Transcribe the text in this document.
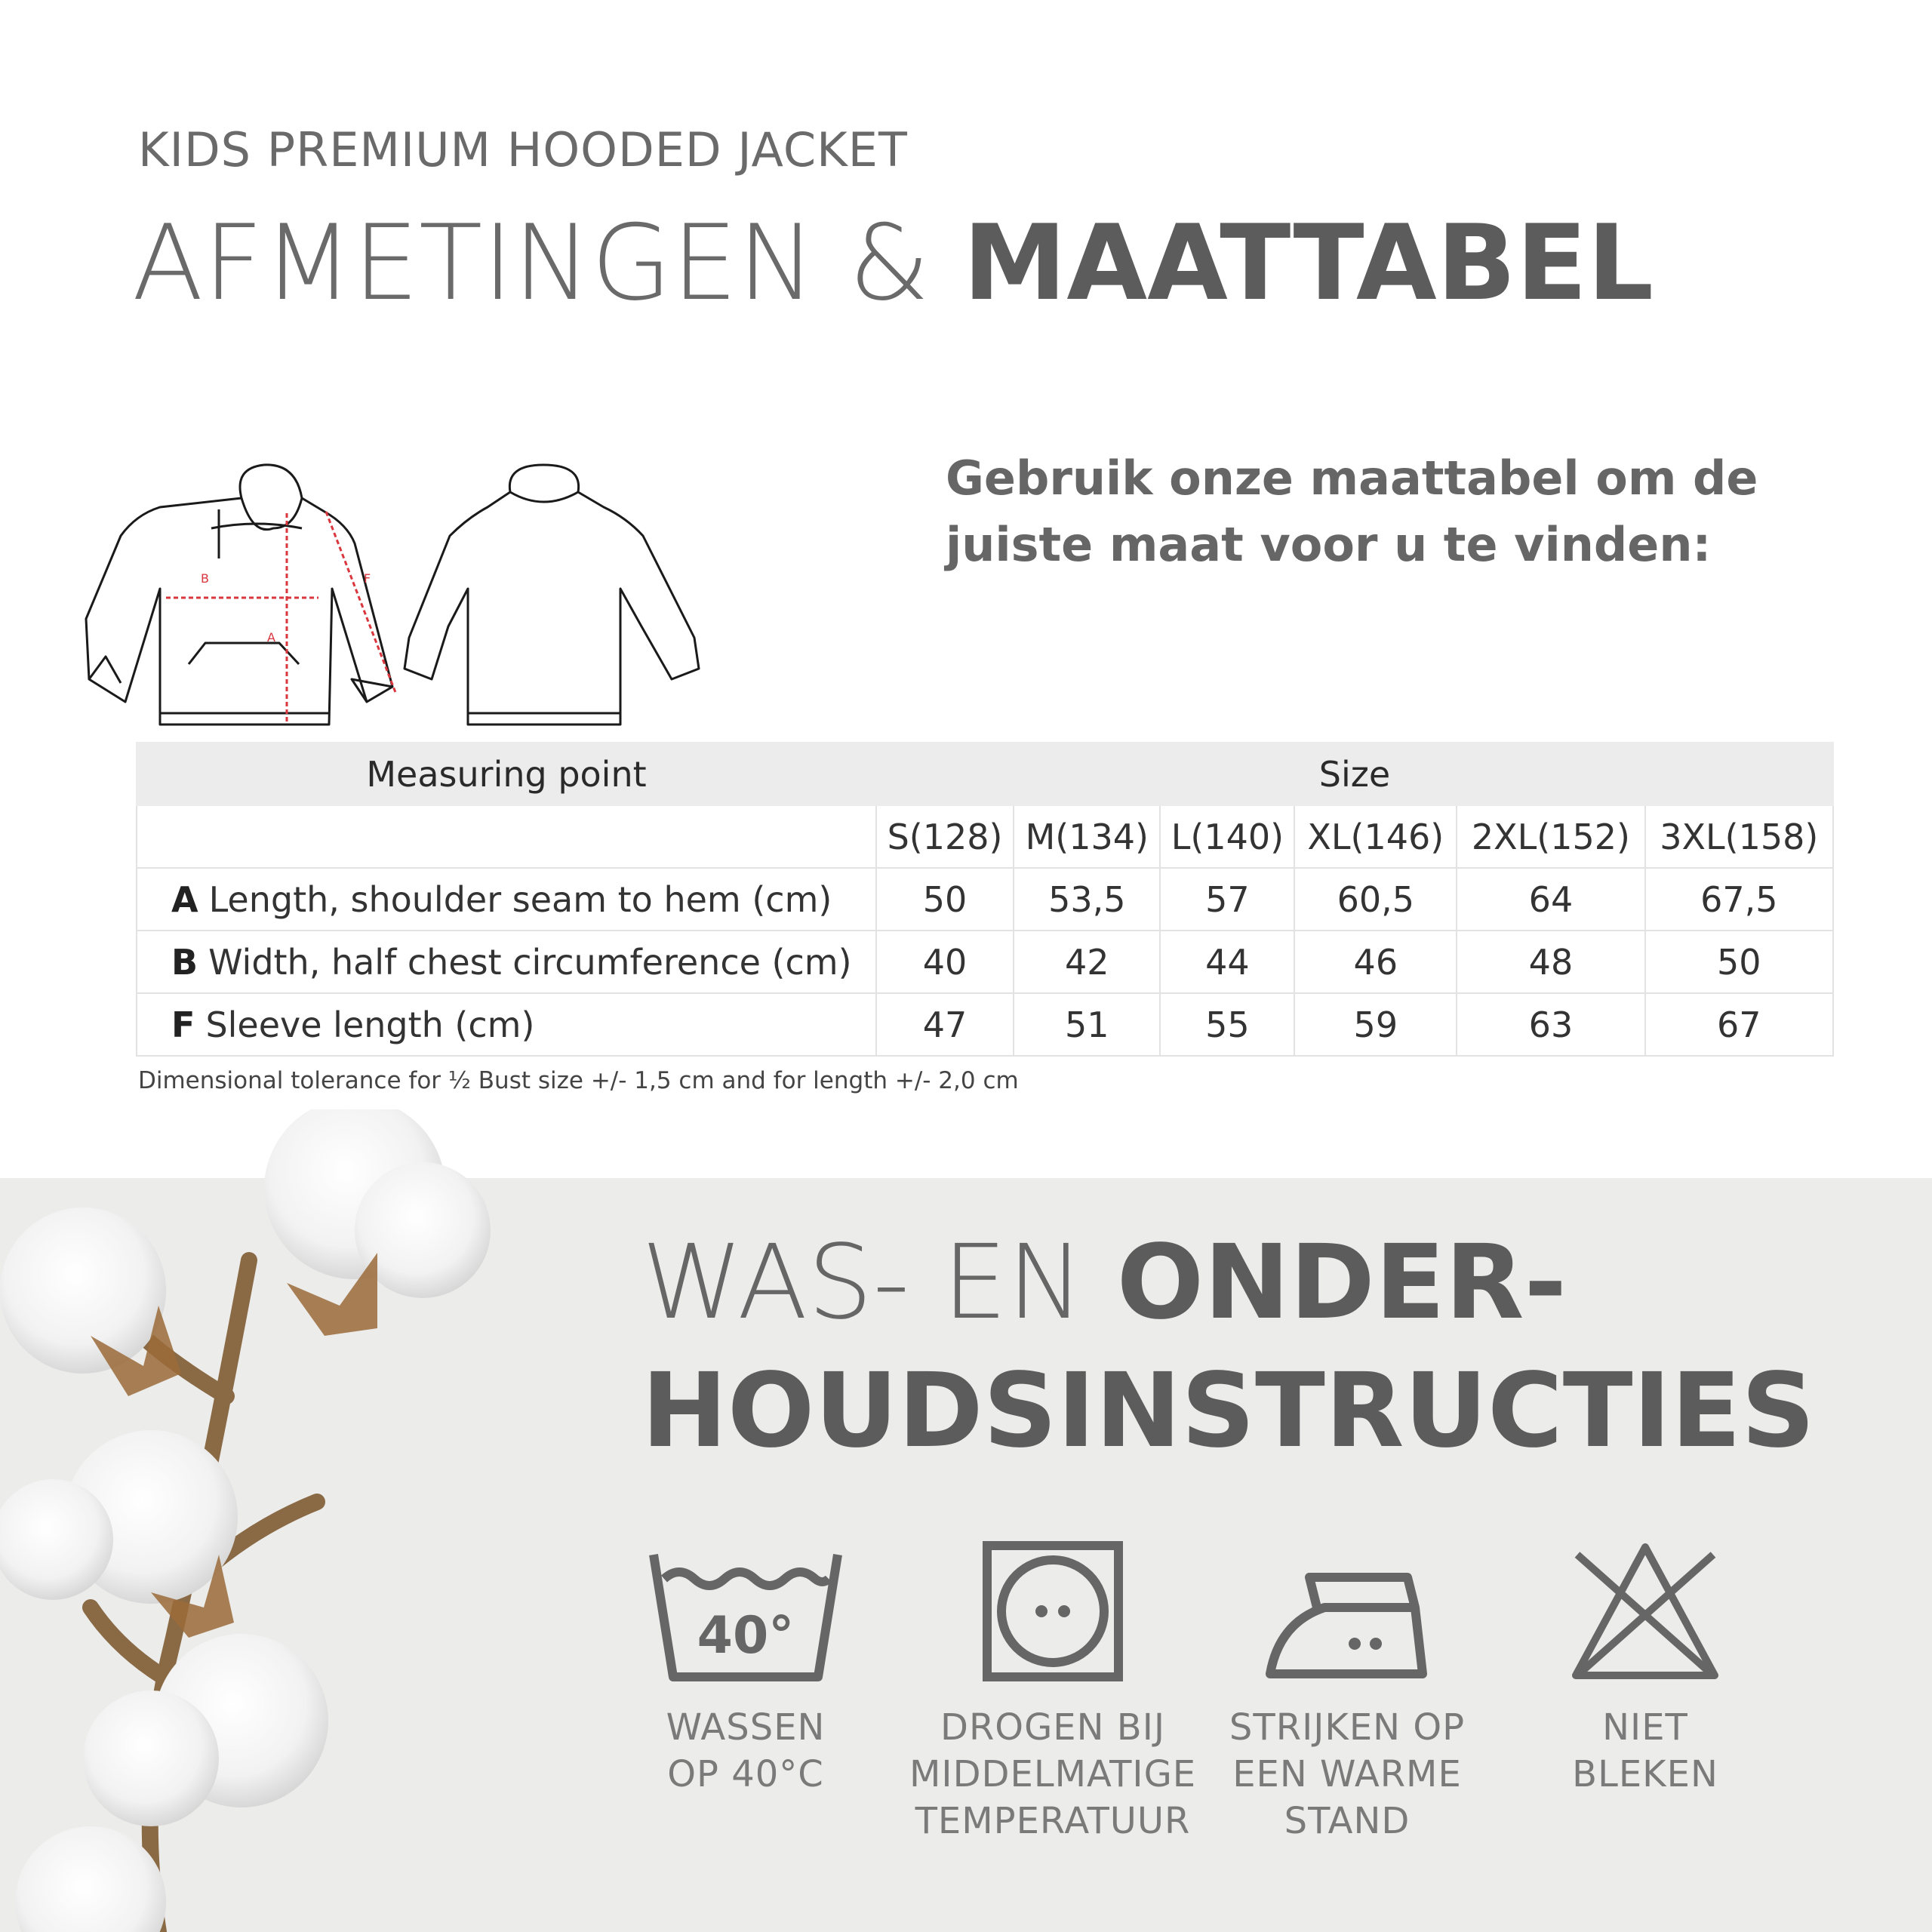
KIDS PREMIUM HOODED JACKET
AFMETINGEN & MAATTABEL
B	F
A
Gebruik onze maattabel om de juiste maat voor u te vinden:
Measuring point	Size					
	S(128)	M(134)	L(140)	XL(146)	2XL(152)	3XL(158)
A Length, shoulder seam to hem (cm)	50	53,5	57	60,5	64	67,5
B Width, half chest circumference (cm)	40	42	44	46	48	50
F Sleeve length (cm)	47	51	55	59	63	67
Dimensional tolerance for ½ Bust size +/- 1,5 cm and for length +/- 2,0 cm
WAS- EN ONDER-
HOUDSINSTRUCTIES
40°
WASSEN
OP 40°C
DROGEN BIJ
MIDDELMATIGE
TEMPERATUUR
STRIJKEN OP
EEN WARME
STAND
NIET
BLEKEN
